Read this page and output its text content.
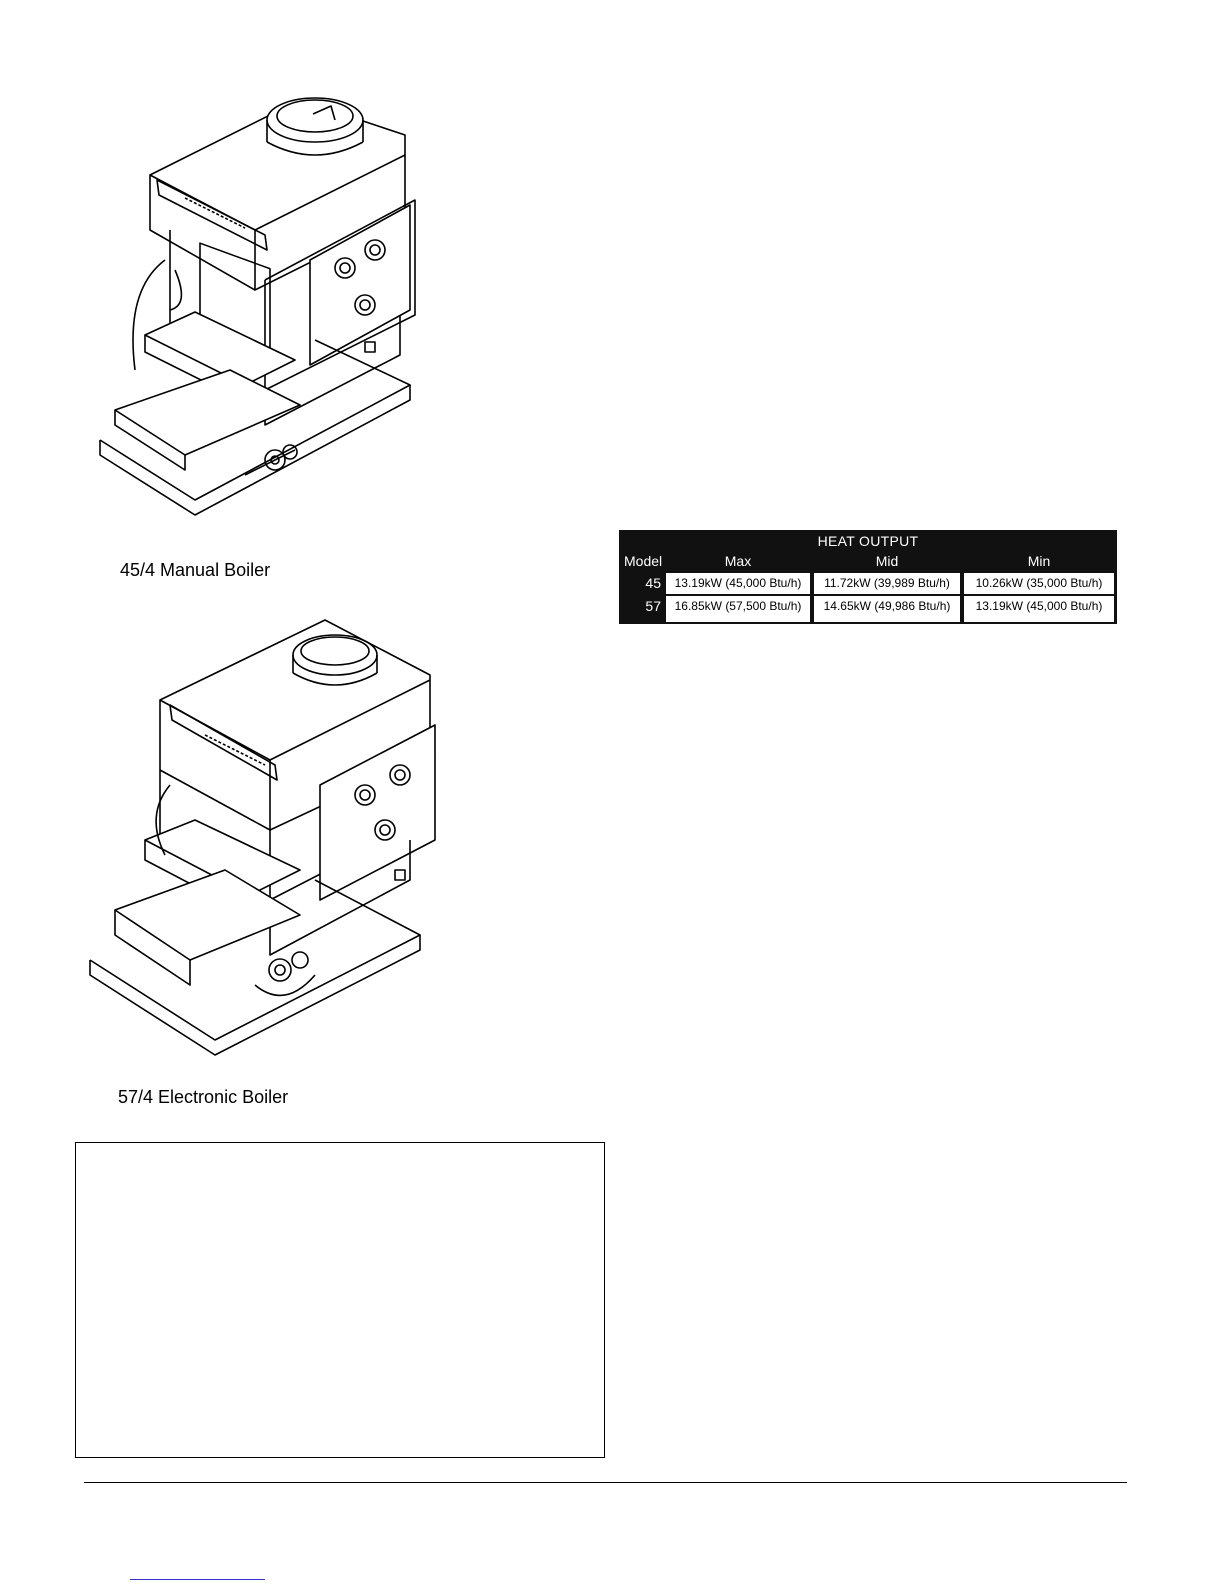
45/4 Manual Boiler
57/4 Electronic Boiler
HEAT OUTPUT
Model	Max	Mid	Min
45	13.19kW (45,000 Btu/h)	11.72kW (39,989 Btu/h)	10.26kW (35,000 Btu/h)
57	16.85kW (57,500 Btu/h)	14.65kW (49,986 Btu/h)	13.19kW (45,000 Btu/h)
